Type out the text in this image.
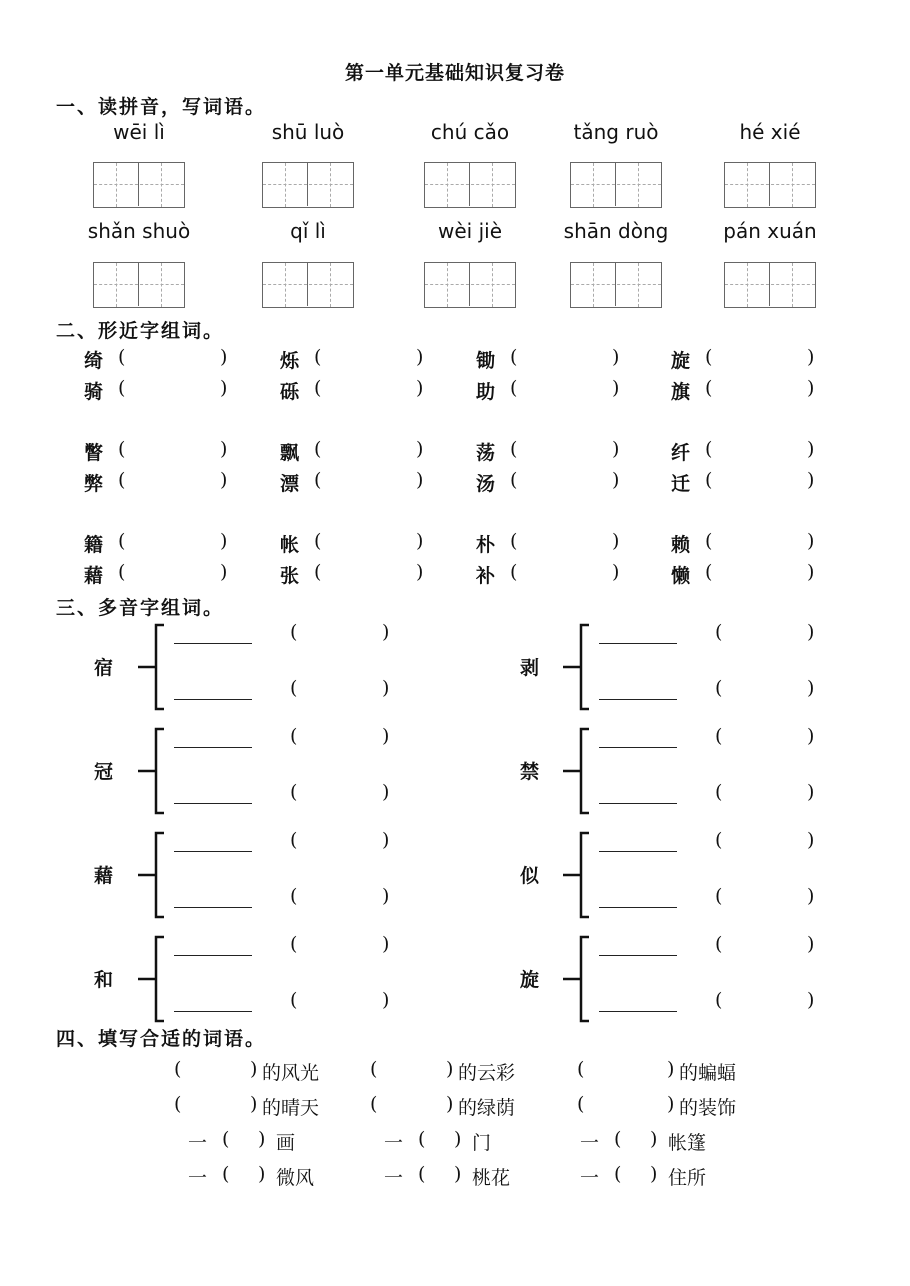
第一单元基础知识复习卷
一、读拼音，写词语。
wēi lì	shū luò	chú cǎo	tǎng ruò	hé xié
shǎn shuò	qǐ lì	wèi jiè	shān dòng	pán xuán
二、形近字组词。
绮 (	)	烁 (	)	锄 (	)	旋 (	)
骑 (	)	砾 (	)	助 (	)	旗 (	)
瞥 (	)	飘 (	)	荡 (	)	纤 (	)
弊 (	)	漂 (	)	汤 (	)	迁 (	)
籍 (	)	帐 (	)	朴 (	)	赖 (	)
藉 (	)	张 (	)	补 (	)	懒 (	)
三、多音字组词。
宿
(	)
(	)
剥
(	)
(	)
冠
(	)
(	)
禁
(	)
(	)
藉
(	)
(	)
似
(	)
(	)
和
(	)
(	)
旋
(	)
(	)
四、填写合适的词语。
(	) 的风光	(	) 的云彩	(	) 的蝙蝠
(	) 的晴天	(	) 的绿荫	(	) 的装饰
一 ( ) 画	一 ( ) 门	一 ( ) 帐篷
一 ( ) 微风	一 ( ) 桃花	一 ( ) 住所
